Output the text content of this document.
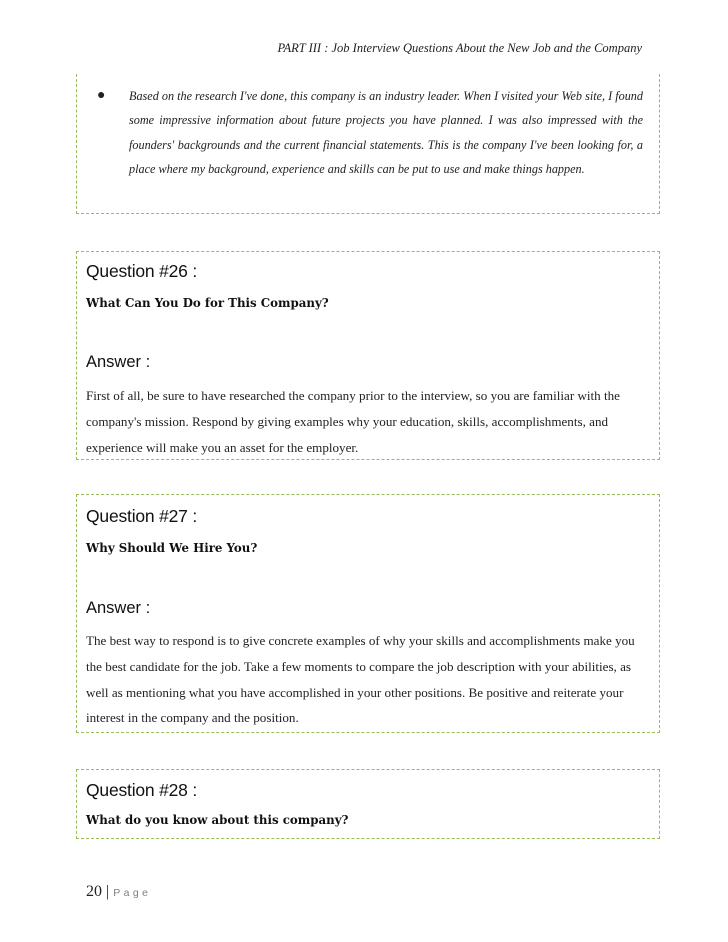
PART III : Job Interview Questions About the New Job and the Company
●	Based on the research I've done, this company is an industry leader. When I visited your Web site, I found some impressive information about future projects you have planned. I was also impressed with the founders' backgrounds and the current financial statements. This is the company I've been looking for, a place where my background, experience and skills can be put to use and make things happen.
Question #26 :
What Can You Do for This Company?
Answer :
First of all, be sure to have researched the company prior to the interview, so you are familiar with the company's mission. Respond by giving examples why your education, skills, accomplishments, and experience will make you an asset for the employer.
Question #27 :
Why Should We Hire You?
Answer :
The best way to respond is to give concrete examples of why your skills and accomplishments make you the best candidate for the job. Take a few moments to compare the job description with your abilities, as well as mentioning what you have accomplished in your other positions. Be positive and reiterate your interest in the company and the position.
Question #28 :
What do you know about this company?
20 | Page
